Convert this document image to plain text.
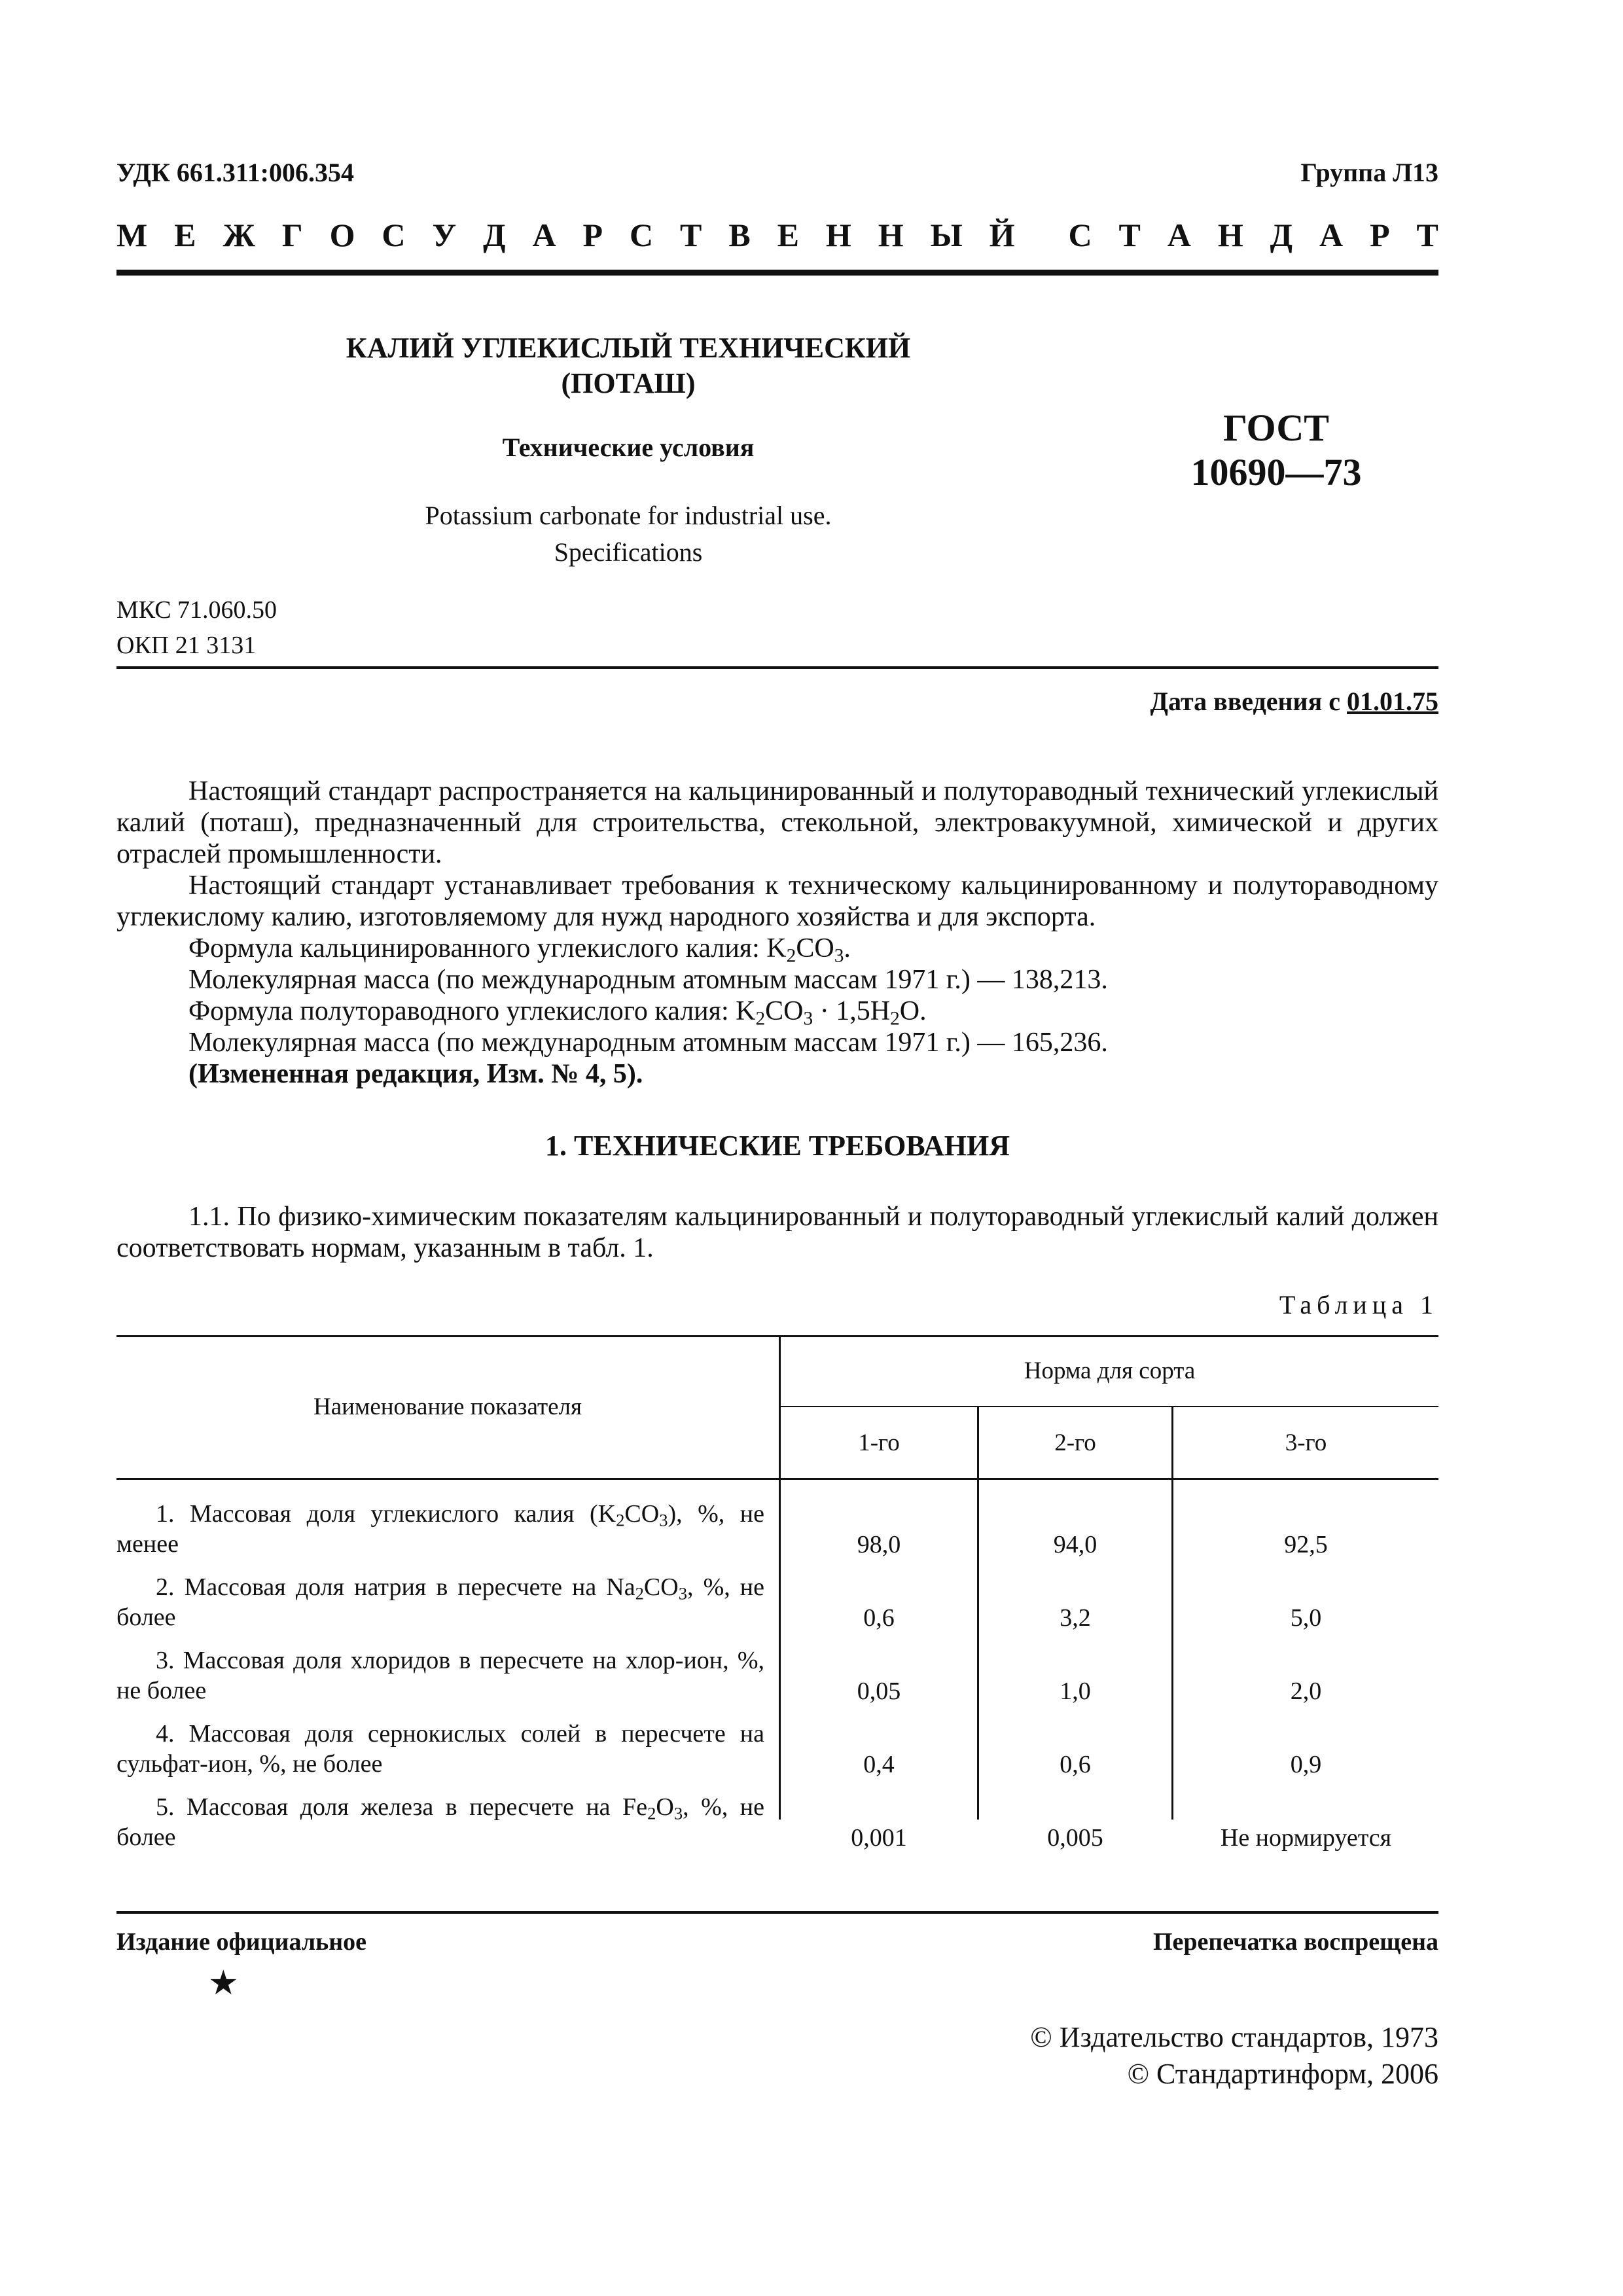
УДК 661.311:006.354	Группа Л13
М Е Ж Г О С У Д А Р С Т В Е Н Н Ы Й С Т А Н Д А Р Т
КАЛИЙ УГЛЕКИСЛЫЙ ТЕХНИЧЕСКИЙ
(ПОТАШ)
Технические условия
Potassium carbonate for industrial use.
Specifications
ГОСТ
10690—73
МКС 71.060.50
ОКП 21 3131
Дата введения с 01.01.75

Настоящий стандарт распространяется на кальцинированный и полутораводный технический углекислый калий (поташ), предназначенный для строительства, стекольной, электровакуумной, химической и других отраслей промышленности.

Настоящий стандарт устанавливает требования к техническому кальцинированному и полутораводному углекислому калию, изготовляемому для нужд народного хозяйства и для экспорта.

Формула кальцинированного углекислого калия: $K_2CO_3$.

Молекулярная масса (по международным атомным массам 1971 г.) — 138,213.

Формула полутораводного углекислого калия: $K_2CO_3 \cdot 1,5H_2O$.

Молекулярная масса (по международным атомным массам 1971 г.) — 165,236.

(Измененная редакция, Изм. № 4, 5).

1. ТЕХНИЧЕСКИЕ ТРЕБОВАНИЯ

1.1. По физико-химическим показателям кальцинированный и полутораводный углекислый калий должен соответствовать нормам, указанным в табл. 1.

Таблица 1
Наименование показателя
Норма для сорта
1-го	2-го	3-го
1. Массовая доля углекислого калия $(K_2CO_3)$, %, не менее	98,0	94,0	92,5
2. Массовая доля натрия в пересчете на $Na_2CO_3$, %, не более	0,6	3,2	5,0
3. Массовая доля хлоридов в пересчете на хлор-ион, %, не более	0,05	1,0	2,0
4. Массовая доля сернокислых солей в пересчете на сульфат-ион, %, не более	0,4	0,6	0,9
5. Массовая доля железа в пересчете на $Fe_2O_3$, %, не более	0,001	0,005	Не нормируется
Издание официальное	Перепечатка воспрещена
★
© Издательство стандартов, 1973
© Стандартинформ, 2006
